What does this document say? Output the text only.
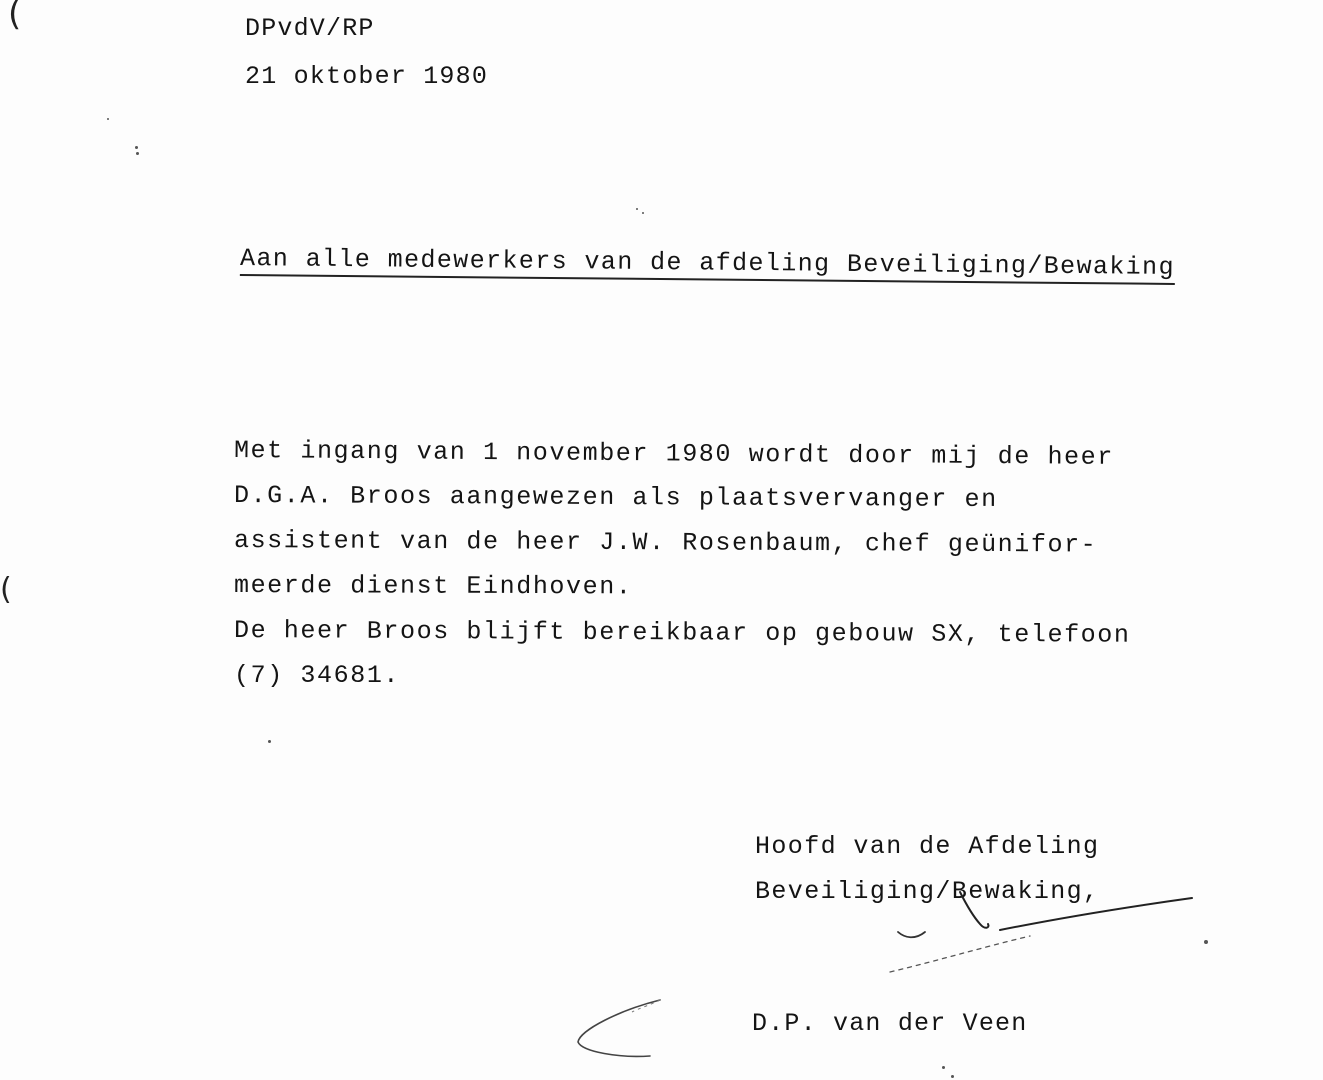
(
(
DPvdV/RP
21 oktober 1980
Aan alle medewerkers van de afdeling Beveiliging/Bewaking
Met ingang van 1 november 1980 wordt door mij de heer
D.G.A. Broos aangewezen als plaatsvervanger en
assistent van de heer J.W. Rosenbaum, chef geünifor-
meerde dienst Eindhoven.
De heer Broos blijft bereikbaar op gebouw SX, telefoon
(7) 34681.
Hoofd van de Afdeling
Beveiliging/Bewaking,
D.P. van der Veen
